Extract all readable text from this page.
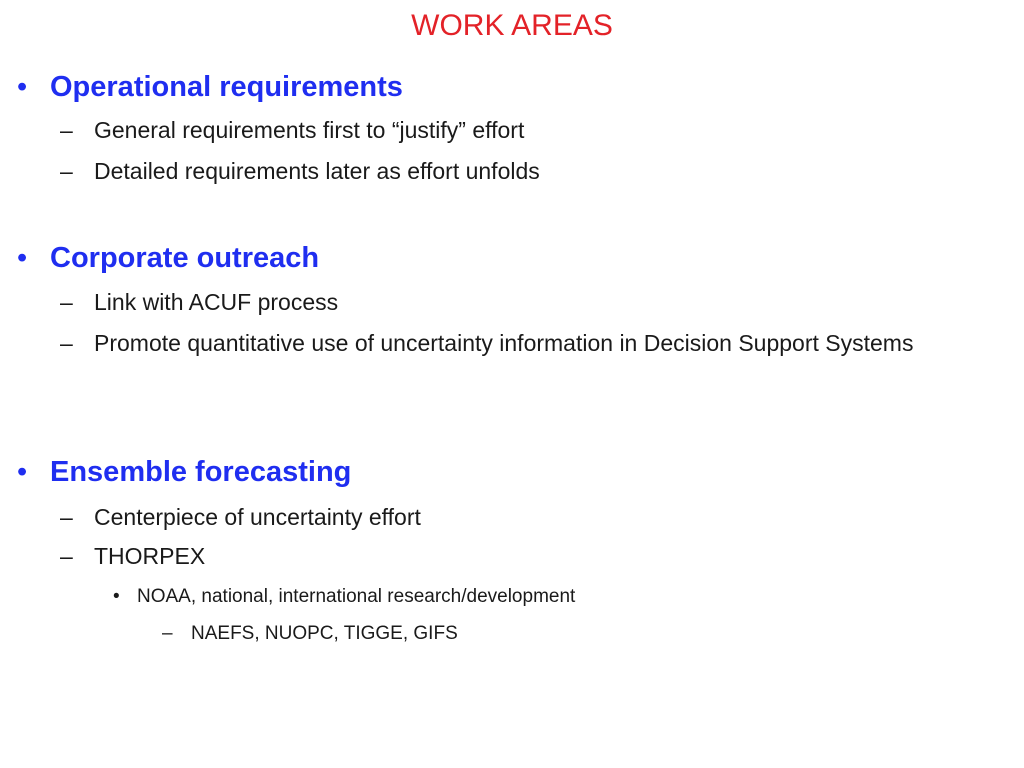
WORK AREAS
• Operational requirements
– General requirements first to “justify” effort
– Detailed requirements later as effort unfolds
• Corporate outreach
– Link with ACUF process
– Promote quantitative use of uncertainty information in Decision Support Systems
• Ensemble forecasting
– Centerpiece of uncertainty effort
– THORPEX
• NOAA, national, international research/development
– NAEFS, NUOPC, TIGGE, GIFS
